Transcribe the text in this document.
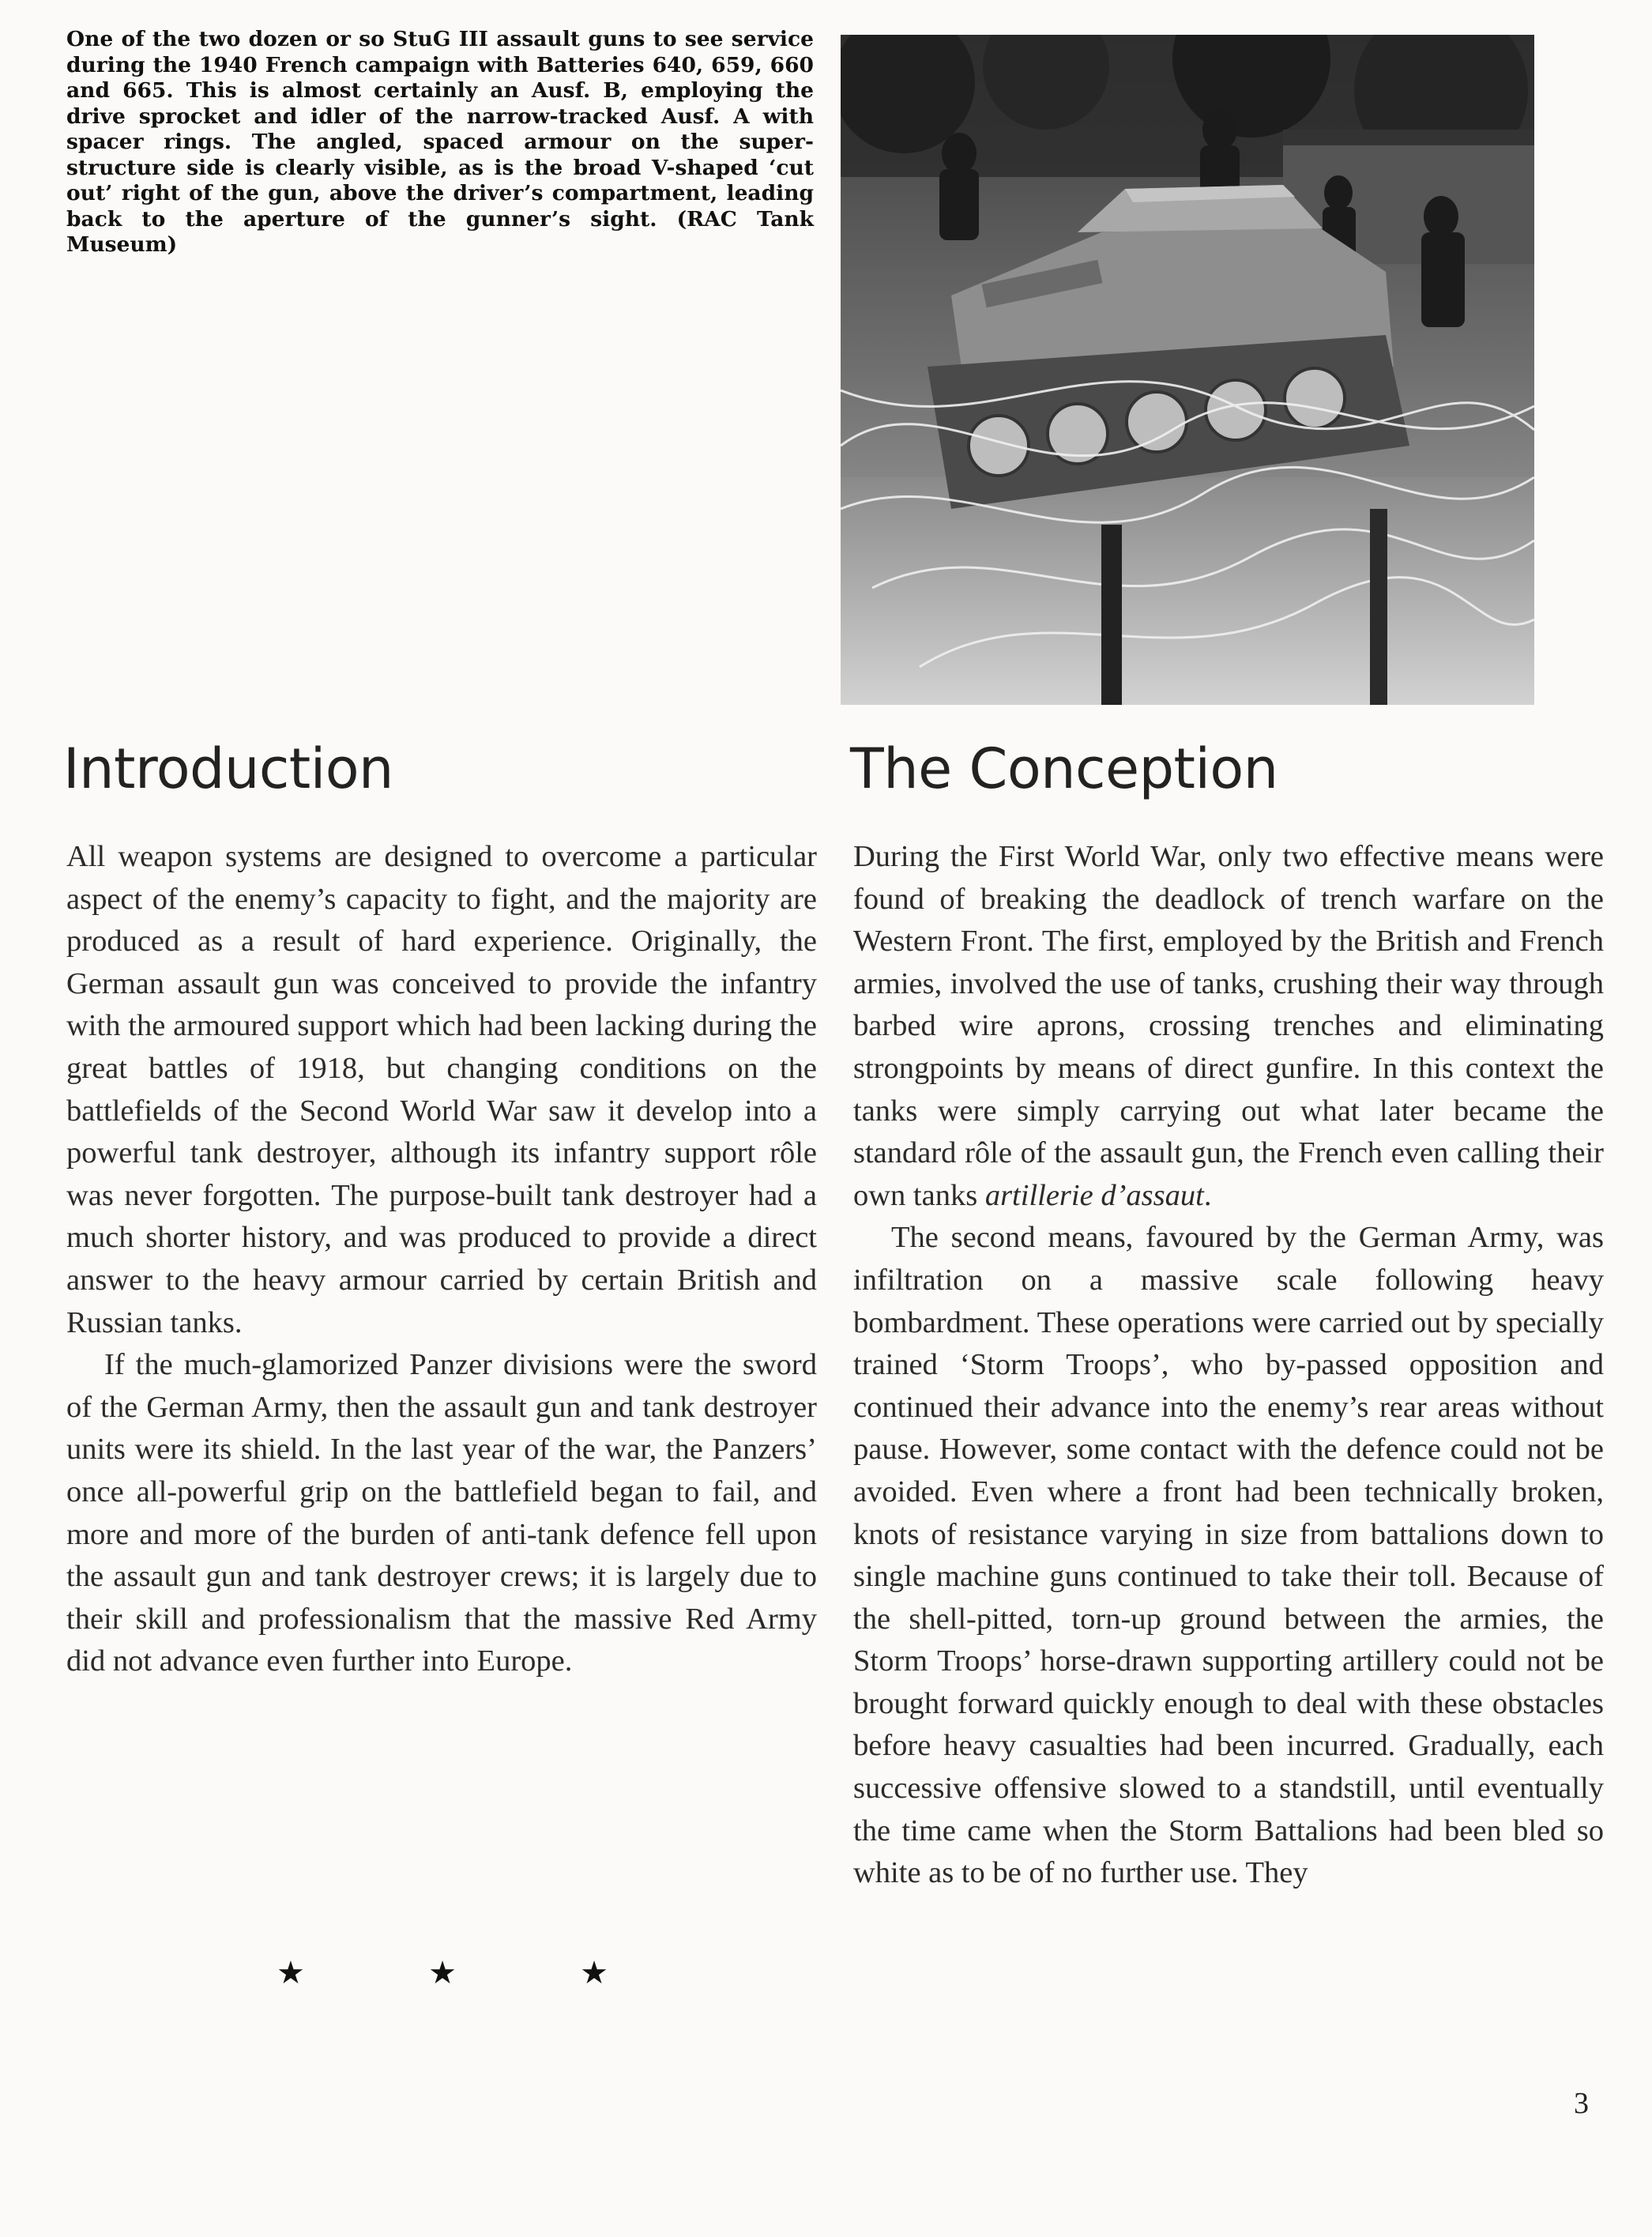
One of the two dozen or so StuG III assault guns to see service during the 1940 French campaign with Batteries 640, 659, 660 and 665. This is almost certainly an Ausf. B, employing the drive sprocket and idler of the narrow-tracked Ausf. A with spacer rings. The angled, spaced armour on the super-structure side is clearly visible, as is the broad V-shaped ‘cut out’ right of the gun, above the driver’s compartment, leading back to the aperture of the gunner’s sight. (RAC Tank Museum)

Introduction	The Conception

All weapon systems are designed to overcome a particular aspect of the enemy’s capacity to fight, and the majority are produced as a result of hard experience. Originally, the German assault gun was conceived to provide the infantry with the armoured support which had been lacking during the great battles of 1918, but changing conditions on the battlefields of the Second World War saw it develop into a powerful tank destroyer, although its infantry support rôle was never forgotten. The purpose-built tank destroyer had a much shorter history, and was produced to provide a direct answer to the heavy armour carried by certain British and Russian tanks.

If the much-glamorized Panzer divisions were the sword of the German Army, then the assault gun and tank destroyer units were its shield. In the last year of the war, the Panzers’ once all-powerful grip on the battlefield began to fail, and more and more of the burden of anti-tank defence fell upon the assault gun and tank destroyer crews; it is largely due to their skill and professionalism that the massive Red Army did not advance even further into Europe.

★	★	★

During the First World War, only two effective means were found of breaking the deadlock of trench warfare on the Western Front. The first, employed by the British and French armies, involved the use of tanks, crushing their way through barbed wire aprons, crossing trenches and eliminating strongpoints by means of direct gunfire. In this context the tanks were simply carrying out what later became the standard rôle of the assault gun, the French even calling their own tanks artillerie d’assaut.

The second means, favoured by the German Army, was infiltration on a massive scale following heavy bombardment. These operations were carried out by specially trained ‘Storm Troops’, who by-passed opposition and continued their advance into the enemy’s rear areas without pause. However, some contact with the defence could not be avoided. Even where a front had been technically broken, knots of resistance varying in size from battalions down to single machine guns continued to take their toll. Because of the shell-pitted, torn-up ground between the armies, the Storm Troops’ horse-drawn supporting artillery could not be brought forward quickly enough to deal with these obstacles before heavy casualties had been incurred. Gradually, each successive offensive slowed to a standstill, until eventually the time came when the Storm Battalions had been bled so white as to be of no further use. They

3
